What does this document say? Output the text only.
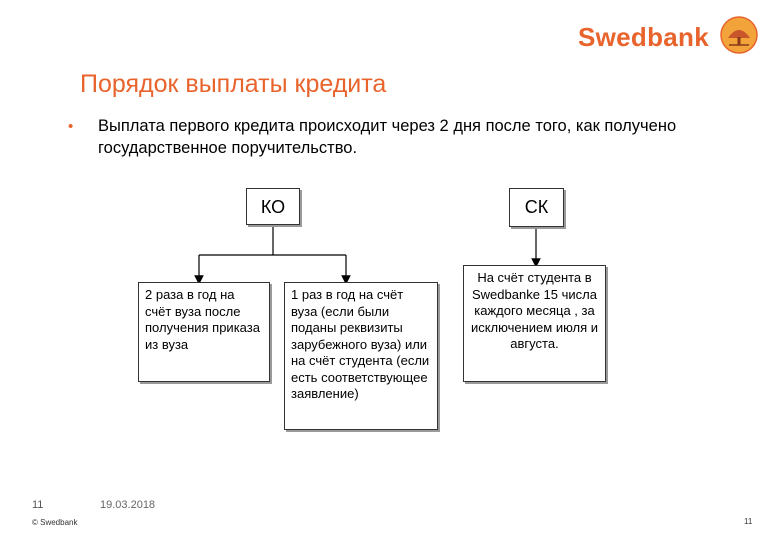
Swedbank
Порядок выплаты кредита
• Выплата первого кредита происходит через 2 дня после того, как получено государственное поручительство.
КО	СК
2 раза в год на счёт вуза после получения приказа из вуза
1 раз в год на счёт вуза (если были поданы реквизиты зарубежного вуза) или на счёт студента (если есть соответствующее заявление)
На счёт студента в Swedbanke 15 числа каждого месяца , за исключением июля и августа.
11	19.03.2018
© Swedbank	11
